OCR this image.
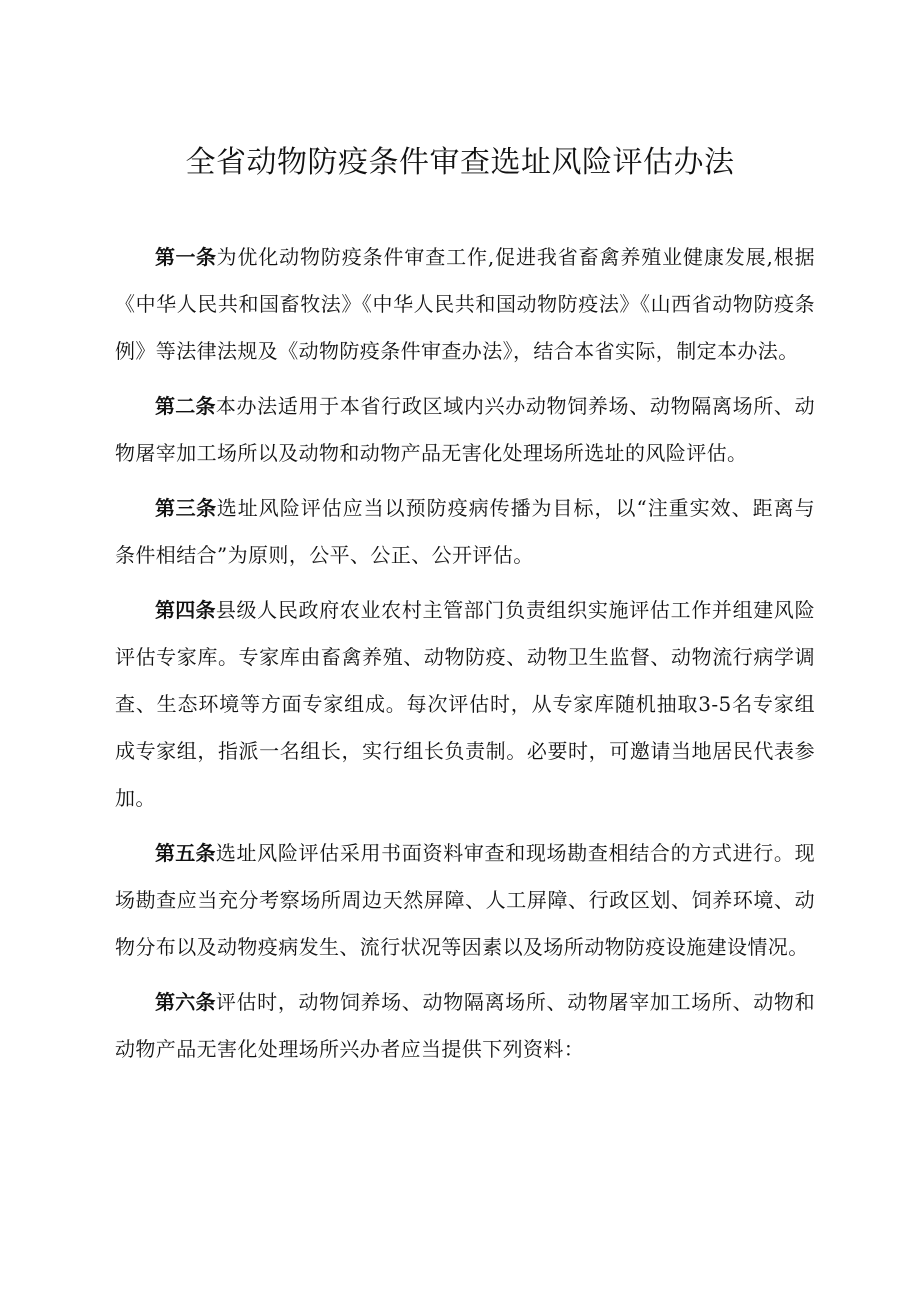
全省动物防疫条件审查选址风险评估办法

第一条为优化动物防疫条件审查工作,促进我省畜禽养殖业健康发展,根据《中华人民共和国畜牧法》《中华人民共和国动物防疫法》《山西省动物防疫条例》等法律法规及《动物防疫条件审查办法》，结合本省实际，制定本办法。

第二条本办法适用于本省行政区域内兴办动物饲养场、动物隔离场所、动物屠宰加工场所以及动物和动物产品无害化处理场所选址的风险评估。

第三条选址风险评估应当以预防疫病传播为目标，以“注重实效、距离与条件相结合”为原则，公平、公正、公开评估。

第四条县级人民政府农业农村主管部门负责组织实施评估工作并组建风险评估专家库。专家库由畜禽养殖、动物防疫、动物卫生监督、动物流行病学调查、生态环境等方面专家组成。每次评估时，从专家库随机抽取3-5名专家组成专家组，指派一名组长，实行组长负责制。必要时，可邀请当地居民代表参加。

第五条选址风险评估采用书面资料审查和现场勘查相结合的方式进行。现场勘查应当充分考察场所周边天然屏障、人工屏障、行政区划、饲养环境、动物分布以及动物疫病发生、流行状况等因素以及场所动物防疫设施建设情况。

第六条评估时，动物饲养场、动物隔离场所、动物屠宰加工场所、动物和动物产品无害化处理场所兴办者应当提供下列资料：
